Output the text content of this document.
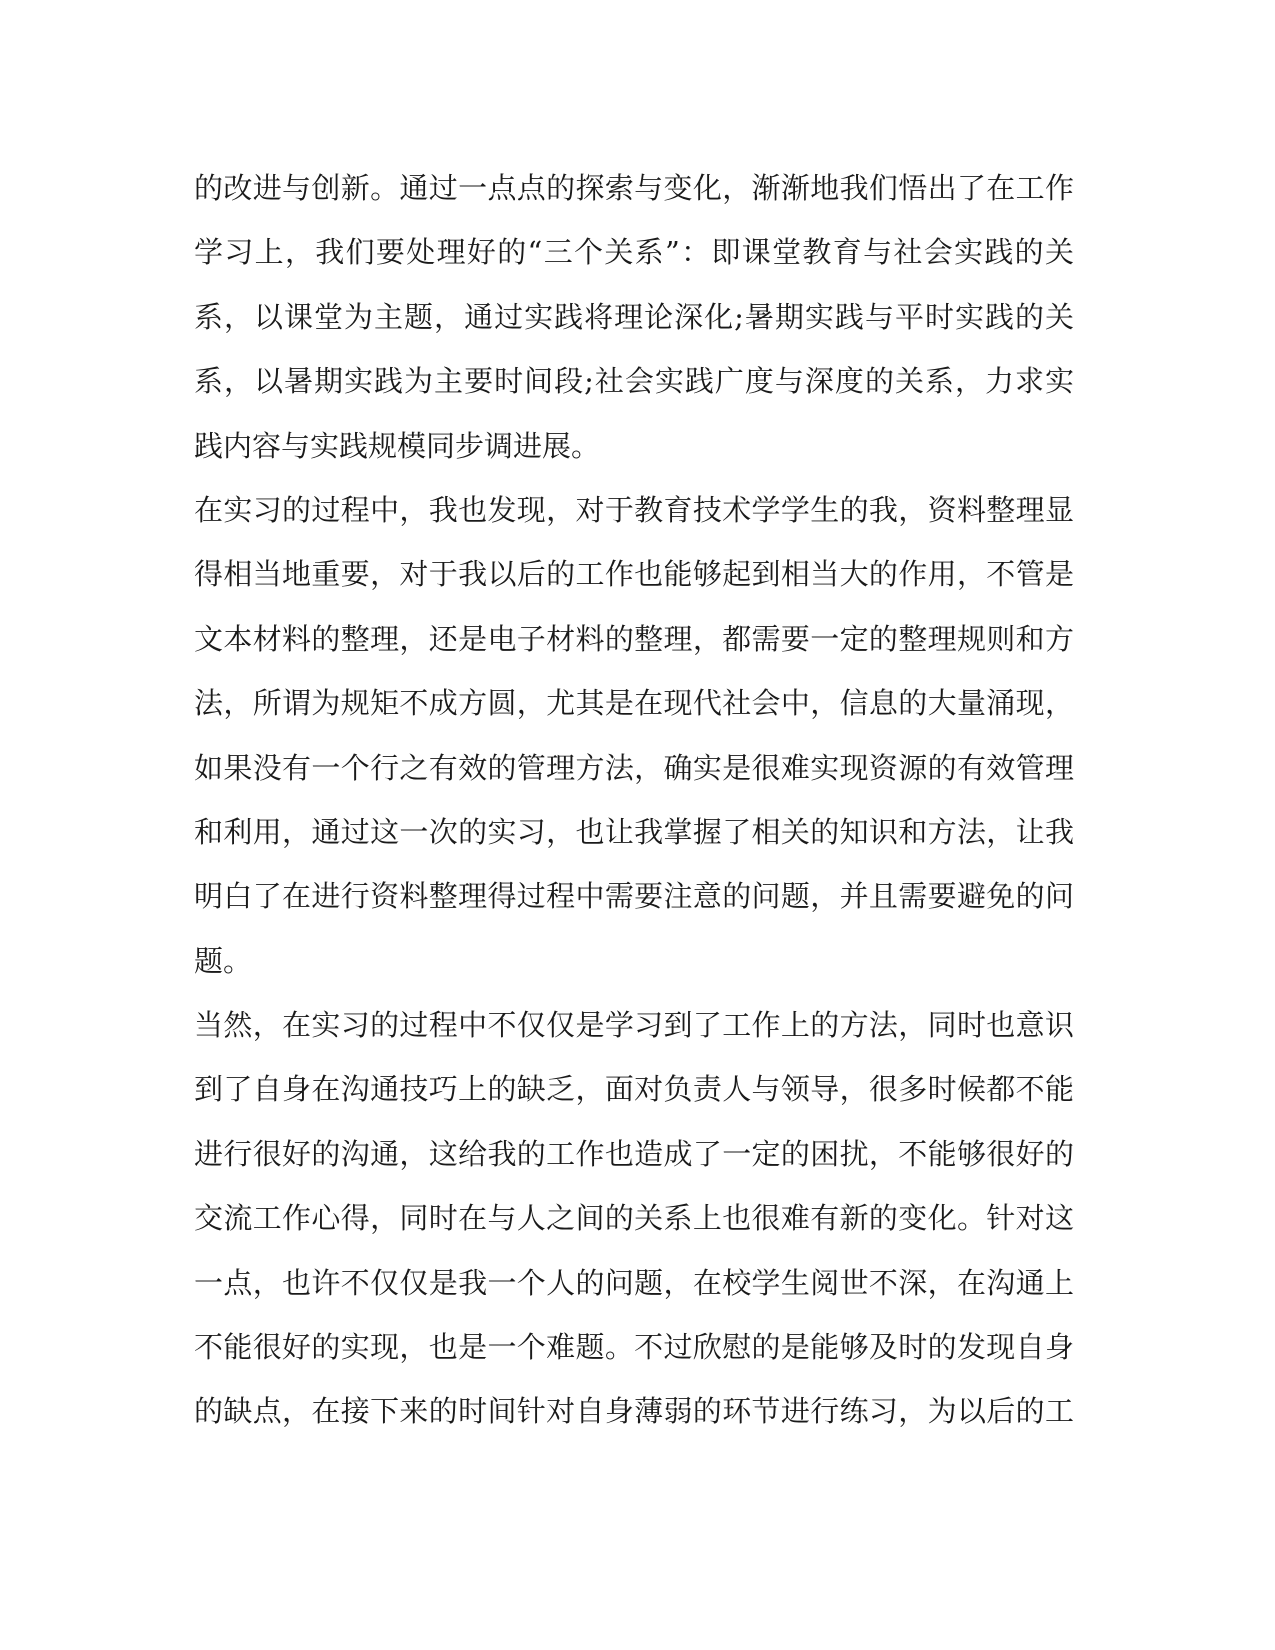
的改进与创新。通过一点点的探索与变化，渐渐地我们悟出了在工作
学习上，我们要处理好的“三个关系”：即课堂教育与社会实践的关
系，以课堂为主题，通过实践将理论深化;暑期实践与平时实践的关
系，以暑期实践为主要时间段;社会实践广度与深度的关系，力求实
践内容与实践规模同步调进展。
在实习的过程中，我也发现，对于教育技术学学生的我，资料整理显
得相当地重要，对于我以后的工作也能够起到相当大的作用，不管是
文本材料的整理，还是电子材料的整理，都需要一定的整理规则和方
法，所谓为规矩不成方圆，尤其是在现代社会中，信息的大量涌现，
如果没有一个行之有效的管理方法，确实是很难实现资源的有效管理
和利用，通过这一次的实习，也让我掌握了相关的知识和方法，让我
明白了在进行资料整理得过程中需要注意的问题，并且需要避免的问
题。
当然，在实习的过程中不仅仅是学习到了工作上的方法，同时也意识
到了自身在沟通技巧上的缺乏，面对负责人与领导，很多时候都不能
进行很好的沟通，这给我的工作也造成了一定的困扰，不能够很好的
交流工作心得，同时在与人之间的关系上也很难有新的变化。针对这
一点，也许不仅仅是我一个人的问题，在校学生阅世不深，在沟通上
不能很好的实现，也是一个难题。不过欣慰的是能够及时的发现自身
的缺点，在接下来的时间针对自身薄弱的环节进行练习，为以后的工
